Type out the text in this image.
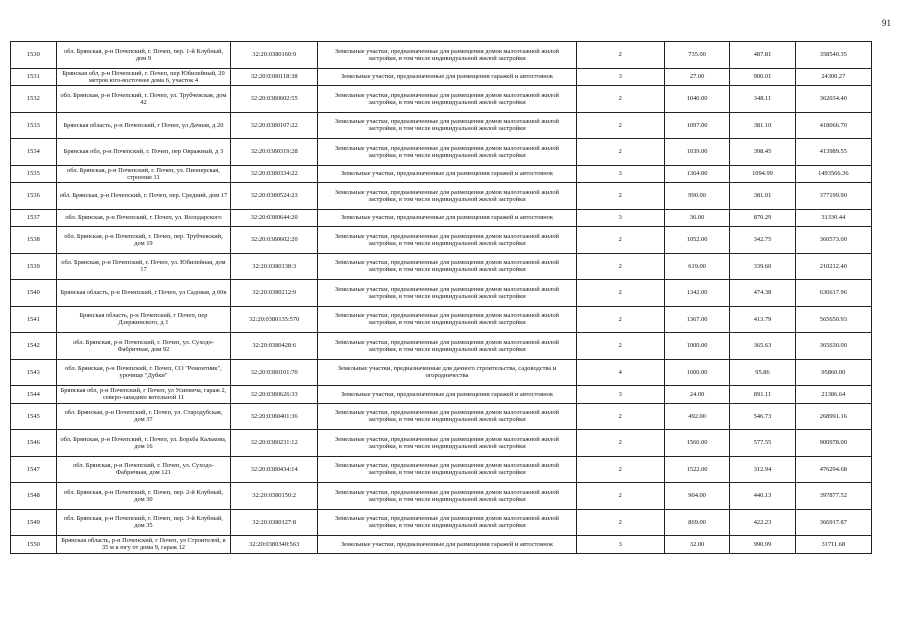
91
1530	обл. Брянская, р-н Почепский, г. Почеп, пер. 1-й Клубный, дом 9	32:20:0380160:9	Земельные участки, предназначенные для размещения домов малоэтажной жилой застройки, в том числе индивидуальной жилой застройки	2	735.00	487.81	358540.35
1531	Брянская обл, р-н Почепский, г. Почеп, пер Юбилейный, 20 метров юго-восточнее дома 6, участок 4	32:20:0380118:38	Земельные участки, предназначенные для размещения гаражей и автостоянок	3	27.00	900.01	24300.27
1532	обл. Брянская, р-н Почепский, г. Почеп, ул. Трубчевская, дом 42	32:20:0380602:55	Земельные участки, предназначенные для размещения домов малоэтажной жилой застройки, в том числе индивидуальной жилой застройки	2	1040.00	348.11	362034.40
1533	Брянская область, р-н Почепский, г Почеп, ул Дачная, д 20	32:20:0380107:22	Земельные участки, предназначенные для размещения домов малоэтажной жилой застройки, в том числе индивидуальной жилой застройки	2	1097.00	381.10	418066.70
1534	Брянская обл, р-н Почепский, г. Почеп, пер Овражный, д 3	32:20:0380319:28	Земельные участки, предназначенные для размещения домов малоэтажной жилой застройки, в том числе индивидуальной жилой застройки	2	1039.00	398.45	413989.55
1535	обл. Брянская, р-н Почепский, г. Почеп, ул. Пионерская, строение 11	32:20:0380334:22	Земельные участки, предназначенные для размещения гаражей и автостоянок	3	1364.00	1094.99	1493566.36
1536	обл. Брянская, р-н Почепский, г. Почеп, пер. Средний, дом 17	32:20:0380524:23	Земельные участки, предназначенные для размещения домов малоэтажной жилой застройки, в том числе индивидуальной жилой застройки	2	990.00	381.01	377199.90
1537	обл. Брянская, р-н Почепский, г. Почеп, ул. Володарского	32:20:0380644:20	Земельные участки, предназначенные для размещения гаражей и автостоянок	3	36.00	870.29	31330.44
1538	обл. Брянская, р-н Почепский, г. Почеп, пер. Трубчевский, дом 19	32:20:0380602:20	Земельные участки, предназначенные для размещения домов малоэтажной жилой застройки, в том числе индивидуальной жилой застройки	2	1052.00	342.75	360573.00
1539	обл. Брянская, р-н Почепский, г. Почеп, ул. Юбилейная, дом 17	32:20:0380138:3	Земельные участки, предназначенные для размещения домов малоэтажной жилой застройки, в том числе индивидуальной жилой застройки	2	619.00	339.60	210212.40
1540	Брянская область, р-н Почепский, г Почеп, ул Садовая, д 60в	32:20:0380212:9	Земельные участки, предназначенные для размещения домов малоэтажной жилой застройки, в том числе индивидуальной жилой застройки	2	1342.00	474.38	636617.96
1541	Брянская область, р-н Почепский, г Почеп, пер Дзержинского, д 1	32:20:0380135:570	Земельные участки, предназначенные для размещения домов малоэтажной жилой застройки, в том числе индивидуальной жилой застройки	2	1367.00	413.79	565650.93
1542	обл. Брянская, р-н Почепский, г. Почеп, ул. Суходо-Фабричная, дом 92	32:20:0380428:6	Земельные участки, предназначенные для размещения домов малоэтажной жилой застройки, в том числе индивидуальной жилой застройки	2	1000.00	365.63	365630.00
1543	обл. Брянская, р-н Почепский, г. Почеп, СО "Ремонтник", урочище "Дубки"	32:20:0380101:70	Земельные участки, предназначенные для дачного строительства, садоводства и огородничества	4	1000.00	95.86	95860.00
1544	Брянская обл, р-н Почепский, г Почеп, ул Усиевича, гараж 2, северо-западнее котельной 11	32:20:0380626:33	Земельные участки, предназначенные для размещения гаражей и автостоянок	3	24.00	891.11	21386.64
1545	обл. Брянская, р-н Почепский, г. Почеп, ул. Стародубская, дом 37	32:20:0380401:36	Земельные участки, предназначенные для размещения домов малоэтажной жилой застройки, в том числе индивидуальной жилой застройки	2	492.00	546.73	268991.16
1546	обл. Брянская, р-н Почепский, г. Почеп, ул. Борьба Калькова, дом 16	32:20:0380231:12	Земельные участки, предназначенные для размещения домов малоэтажной жилой застройки, в том числе индивидуальной жилой застройки	2	1560.00	577.55	900978.00
1547	обл. Брянская, р-н Почепский, г. Почеп, ул. Суходо-Фабричная, дом 121	32:20:0380434:14	Земельные участки, предназначенные для размещения домов малоэтажной жилой застройки, в том числе индивидуальной жилой застройки	2	1522.00	312.94	476294.68
1548	обл. Брянская, р-н Почепский, г. Почеп, пер. 2-й Клубный, дом 30	32:20:0380150:2	Земельные участки, предназначенные для размещения домов малоэтажной жилой застройки, в том числе индивидуальной жилой застройки	2	904.00	440.13	397877.52
1549	обл. Брянская, р-н Почепский, г. Почеп, пер. 3-й Клубный, дом 35	32:20:0380127:8	Земельные участки, предназначенные для размещения домов малоэтажной жилой застройки, в том числе индивидуальной жилой застройки	2	869.00	422.23	366917.87
1550	Брянская область, р-н Почепский, г Почеп, ул Строителей, в 35 м к югу от дома 9, гараж 12	32:20:0380340:563	Земельные участки, предназначенные для размещения гаражей и автостоянок	3	32.00	990.99	31711.68
